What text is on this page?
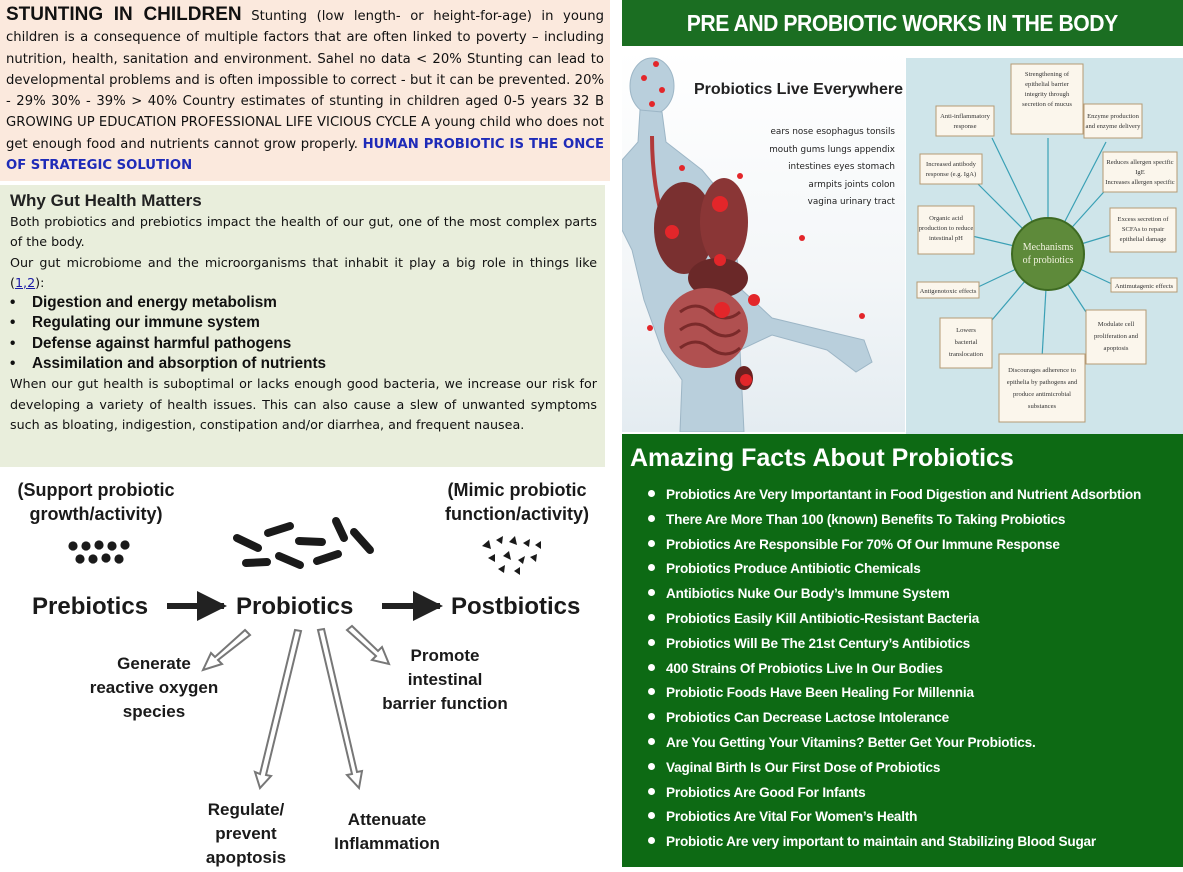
STUNTING IN CHILDREN Stunting (low length- or height-for-age) in young children is a consequence of multiple factors that are often linked to poverty – including nutrition, health, sanitation and environment. Sahel no data < 20% Stunting can lead to developmental problems and is often impossible to correct - but it can be prevented. 20% - 29% 30% - 39% > 40% Country estimates of stunting in children aged 0-5 years 32 B GROWING UP EDUCATION PROFESSIONAL LIFE VICIOUS CYCLE A young child who does not get enough food and nutrients cannot grow properly. HUMAN PROBIOTIC IS THE ONCE OF STRATEGIC SOLUTION
Why Gut Health Matters

Both probiotics and prebiotics impact the health of our gut, one of the most complex parts of the body.

Our gut microbiome and the microorganisms that inhabit it play a big role in things like (1,2):

• Digestion and energy metabolism
• Regulating our immune system
• Defense against harmful pathogens
• Assimilation and absorption of nutrients

When our gut health is suboptimal or lacks enough good bacteria, we increase our risk for developing a variety of health issues. This can also cause a slew of unwanted symptoms such as bloating, indigestion, constipation and/or diarrhea, and frequent nausea.

(Support probiotic
growth/activity)
(Mimic probiotic
function/activity)
Prebiotics	Probiotics	Postbiotics
Generate
reactive oxygen
species
Promote
intestinal
barrier function
Regulate/
prevent
apoptosis
Attenuate
Inflammation
PRE AND PROBIOTIC WORKS IN THE BODY
Probiotics Live Everywhere
ears nose esophagus tonsils
mouth gums lungs appendix
intestines eyes stomach
armpits joints colon
vagina urinary tract
Mechanisms
of probiotics
Strengthening of
epithelial barrier
integrity through
secretion of mucus
Enzyme production
and enzyme delivery
Anti-inflammatory
response
Reduces allergen specific
IgE
Increases allergen specific
Increased antibody
response (e.g. IgA)
Excess secretion of
SCFAs to repair
epithelial damage
Organic acid
production to reduce
intestinal pH
Antimutagenic effects
Antigenotoxic effects
Lowers
bacterial
translocation
Modulate cell
proliferation and
apoptosis
Discourages adherence to
epithelia by pathogens and
produce antimicrobial
substances
Amazing Facts About Probiotics
Probiotics Are Very Importantant in Food Digestion and Nutrient Adsorbtion
There Are More Than 100 (known) Benefits To Taking Probiotics
Probiotics Are Responsible For 70% Of Our Immune Response
Probiotics Produce Antibiotic Chemicals
Antibiotics Nuke Our Body’s Immune System
Probiotics Easily Kill Antibiotic-Resistant Bacteria
Probiotics Will Be The 21st Century’s Antibiotics
400 Strains Of Probiotics Live In Our Bodies
Probiotic Foods Have Been Healing For Millennia
Probiotics Can Decrease Lactose Intolerance
Are You Getting Your Vitamins? Better Get Your Probiotics.
Vaginal Birth Is Our First Dose of Probiotics
Probiotics Are Good For Infants
Probiotics Are Vital For Women’s Health
Probiotic Are very important to maintain and Stabilizing Blood Sugar
